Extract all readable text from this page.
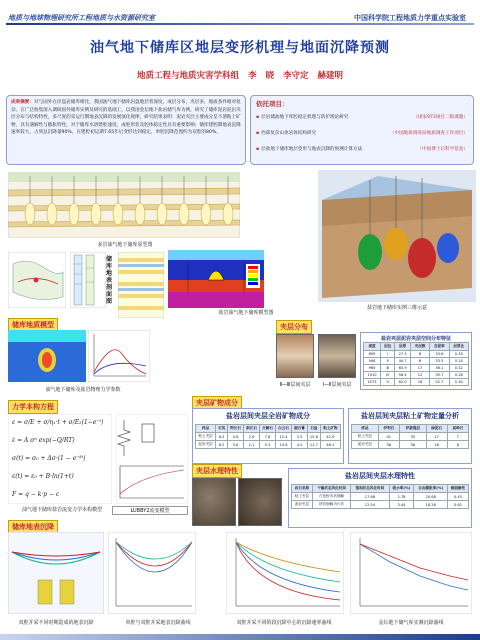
地质与地球物理研究所工程地质与水资源研究室	中国科学院工程地质力学重点实验室
油气地下储库区地层变形机理与地面沉降预测
地质工程与地质灾害学科组 李 晓 李守定 赫建明
成果摘要：对与国外在岸盘岩储库相比，我国油气地下储库岩盘地层普深度，成层分布，夹层多，地质条件相对复杂。在广泛收集深入调研国外储库实例及研究的基础上，以我国金坛地下盐岩储气库为例，研究了储库泥岩泥岩夹层分布与结构特性，多尺度的采运行期地表沉降的发展演化规律，研究结果表明：泥岩夹层主要成分是不溶粘土矿物，具有遇解性与膨胀特性，对于储库水溶建腔速度、成腔形状及腔体稳定性具有重要影响；储库建腔期地表沉降速率较大，占到总沉降量90%，在建腔初运期7.65年后变形达到稳定，单腔沉降范围约为双腔的80%。
依托项目：
▪ 层岩储油地下库腔稳定机理与防护理论研究	（国家973项目二级课题）
▪ 西部复杂山体岩体结构研究	（中国地质调查局地质调查工作项目）
▪ 层盐地下储库地层变形与地表沉降的预测计算方法	（中国博士后科学基金）
多岩油气地下储库原型图
储库地表剖面图
盐岩油气地下储库模型图
盐岩地下储库实例三维示意
储库地质模型
油气地下储库及盐岩物理力学参数
力学本构方程
ε = σ/E + σ/η₁·t + σ/E₂(1−e⁻ᵗ)
ε̇ = A σⁿ exp(−Q/RT)
σ(t) = σ₀ + Δσ·(1 − e⁻ᵏᵗ)
ε(t) = ε₀ + B·ln(1+t)
F = q − k·p − c
油气地下储库盐岩流变力学本构模型	LUBBY2流变模型
储库地表沉降
双腔并采不同时期造成的地表沉降	单腔与双腔并采地表沉降曲线	双腔并采不同阶段沉降中心的沉降速率曲线	金坛地下储气库实测沉降曲线
夹层分布
Ⅱ—Ⅲ层间夹层	Ⅰ—Ⅱ层间夹层
盐岩夹层泥岩夹层空间分布特征
深度	层位	层厚	夹层数	含泥率	层厚比
899	Ⅰ	27.5	8	33.6	0.35
948	Ⅱ	44.7	6	33.5	0.14
960	Ⅲ	65.9	17	36.1	0.32
1010	Ⅳ	56.4	12	35.7	0.28
1073	Ⅴ	62.0	16	32.7	0.30
夹层矿物成分
盐岩层间夹层全岩矿物成分
样品	石英	钾长石	斜长石	方解石	白云石	硬石膏	石盐	粘土矿物
粘土夹层	8.5	4.6	2.6	7.8	12.4	3.5	15.8	42.9
泥岩夹层	6.2	3.8	2.1	9.3	14.6	4.2	11.7	46.1
盐岩层间夹层粘土矿物定量分析
样品	伊利石	伊蒙混层	绿泥石	高岭石
粘土夹层	41	35	17	7
泥岩夹层	38	38	16	8
夹层水理特性
盐岩层间夹层水理特性
岩石名称	干燥状态风化时间	饱和状态风化时间	吸水率(%)	自由膨胀率(%)	耐崩解性
粘土夹层	白色粉末状崩解	17.86	2.78	20.68	0.45
泥岩夹层	块状崩解为片状	12.54	3.44	18.26	0.61
